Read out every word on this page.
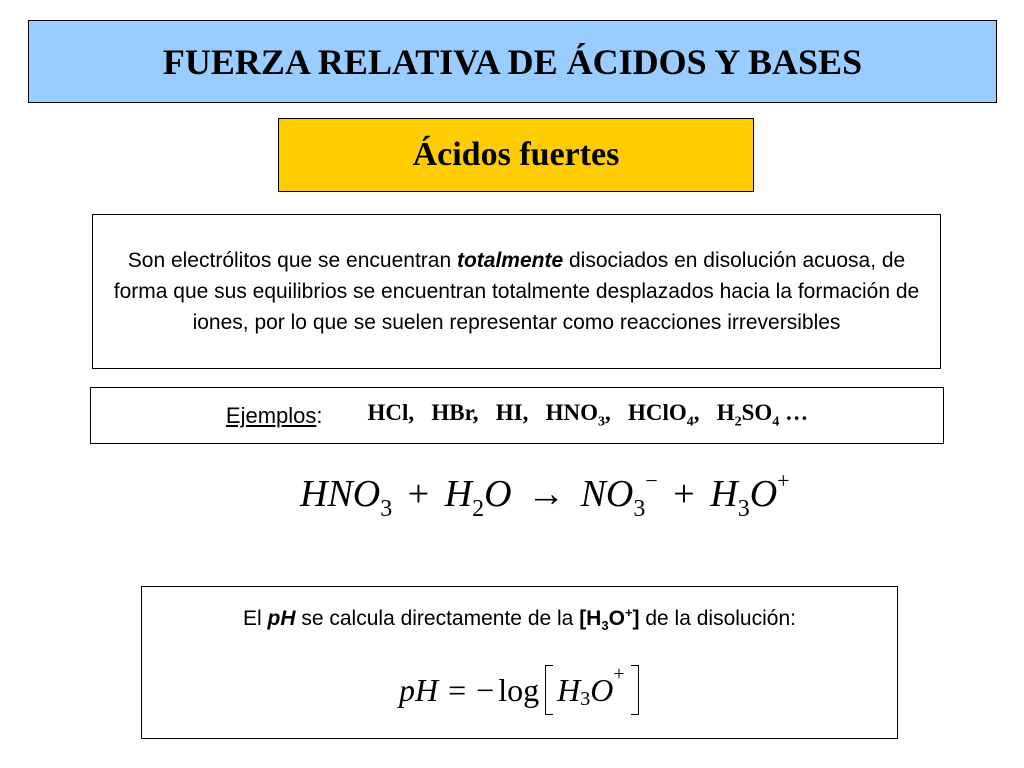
FUERZA RELATIVA DE ÁCIDOS Y BASES
Ácidos fuertes
Son electrólitos que se encuentran totalmente disociados en disolución acuosa, de forma que sus equilibrios se encuentran totalmente desplazados hacia la formación de iones, por lo que se suelen representar como reacciones irreversibles
Ejemplos :	HCl,   HBr,   HI,   $HNO_3$,   HClO$_4$,   $H_2SO_4$ …

$HNO_3 + H_2O \to NO_3^- + H_3O^+$
El pH se calcula directamente de la $[H_3O^+]$ de la disolución:
pH = − log H 3 O +
